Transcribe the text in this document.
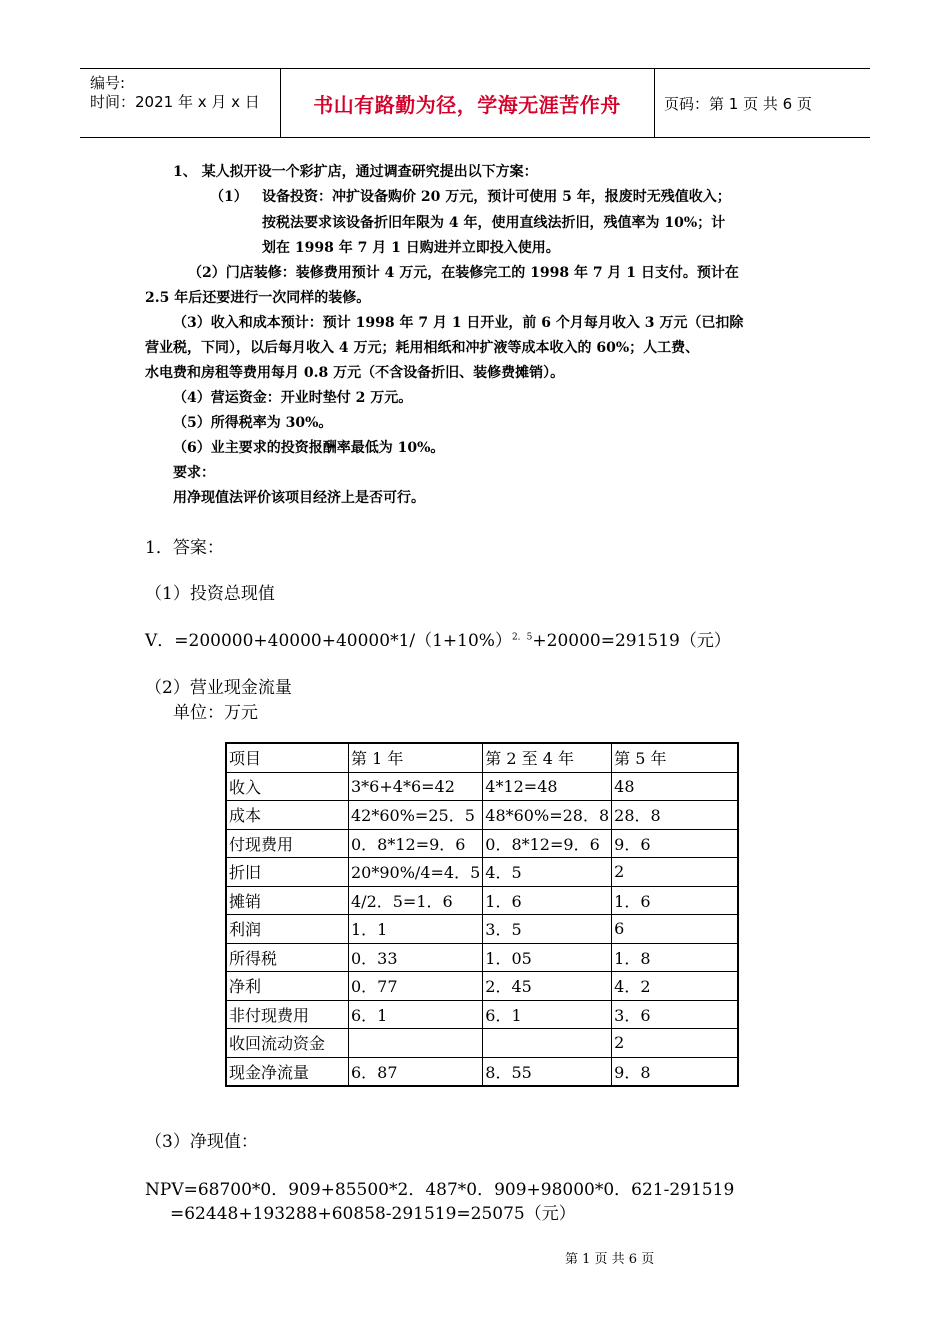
编号:
时间：2021 年 x 月 x 日	书山有路勤为径，学海无涯苦作舟	页码：第 1 页 共 6 页
1、 某人拟开设一个彩扩店，通过调查研究提出以下方案：
（1） 设备投资：冲扩设备购价 20 万元，预计可使用 5 年，报废时无残值收入；
按税法要求该设备折旧年限为 4 年，使用直线法折旧，残值率为 10%；计
划在 1998 年 7 月 1 日购进并立即投入使用。
（2）门店装修：装修费用预计 4 万元，在装修完工的 1998 年 7 月 1 日支付。预计在
2.5 年后还要进行一次同样的装修。
（3）收入和成本预计：预计 1998 年 7 月 1 日开业，前 6 个月每月收入 3 万元（已扣除
营业税，下同），以后每月收入 4 万元；耗用相纸和冲扩液等成本收入的 60%；人工费、
水电费和房租等费用每月 0.8 万元（不含设备折旧、装修费摊销）。
（4）营运资金：开业时垫付 2 万元。
（5）所得税率为 30%。
（6）业主要求的投资报酬率最低为 10%。
要求：
用净现值法评价该项目经济上是否可行。
1．答案：
（1）投资总现值
V．$=200000+40000+40000*1/(1+10\%)^{2.5}+20000=291519$（元）
（2）营业现金流量
单位：万元
项目	第 1 年	第 2 至 4 年	第 5 年
收入	3*6+4*6=42	4*12=48	48
成本	42*60%=25．5	48*60%=28．8	28．8
付现费用	0．8*12=9．6	0．8*12=9．6	9．6
折旧	20*90%/4=4．5	4．5	2
摊销	4/2．5=1．6	1．6	1．6
利润	1．1	3．5	6
所得税	0．33	1．05	1．8
净利	0．77	2．45	4．2
非付现费用	6．1	6．1	3．6
收回流动资金			2
现金净流量	6．87	8．55	9．8
（3）净现值：
NPV=68700*0．909+85500*2．487*0．909+98000*0．621-291519
=62448+193288+60858-291519=25075（元）
第 1 页 共 6 页
